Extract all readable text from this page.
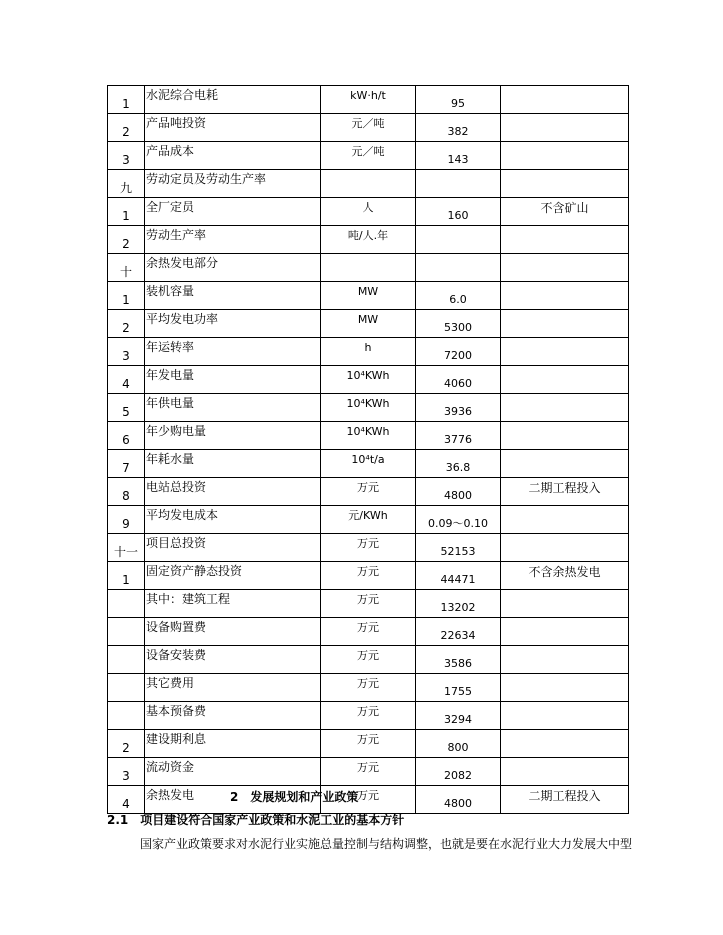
1	水泥综合电耗	kW·h/t	95	
2	产品吨投资	元／吨	382	
3	产品成本	元／吨	143	
九	劳动定员及劳动生产率			
1	全厂定员	人	160	不含矿山
2	劳动生产率	吨/人.年		
十	余热发电部分			
1	装机容量	MW	6.0	
2	平均发电功率	MW	5300	
3	年运转率	h	7200	
4	年发电量	10⁴KWh	4060	
5	年供电量	10⁴KWh	3936	
6	年少购电量	10⁴KWh	3776	
7	年耗水量	10⁴t/a	36.8	
8	电站总投资	万元	4800	二期工程投入
9	平均发电成本	元/KWh	0.09～0.10	
十一	项目总投资	万元	52153	
1	固定资产静态投资	万元	44471	不含余热发电
	其中：建筑工程	万元	13202	
	设备购置费	万元	22634	
	设备安装费	万元	3586	
	其它费用	万元	1755	
	基本预备费	万元	3294	
2	建设期利息	万元	800	
3	流动资金	万元	2082	
4	余热发电	万元	4800	二期工程投入
2　发展规划和产业政策
2.1　项目建设符合国家产业政策和水泥工业的基本方针
国家产业政策要求对水泥行业实施总量控制与结构调整，也就是要在水泥行业大力发展大中型
